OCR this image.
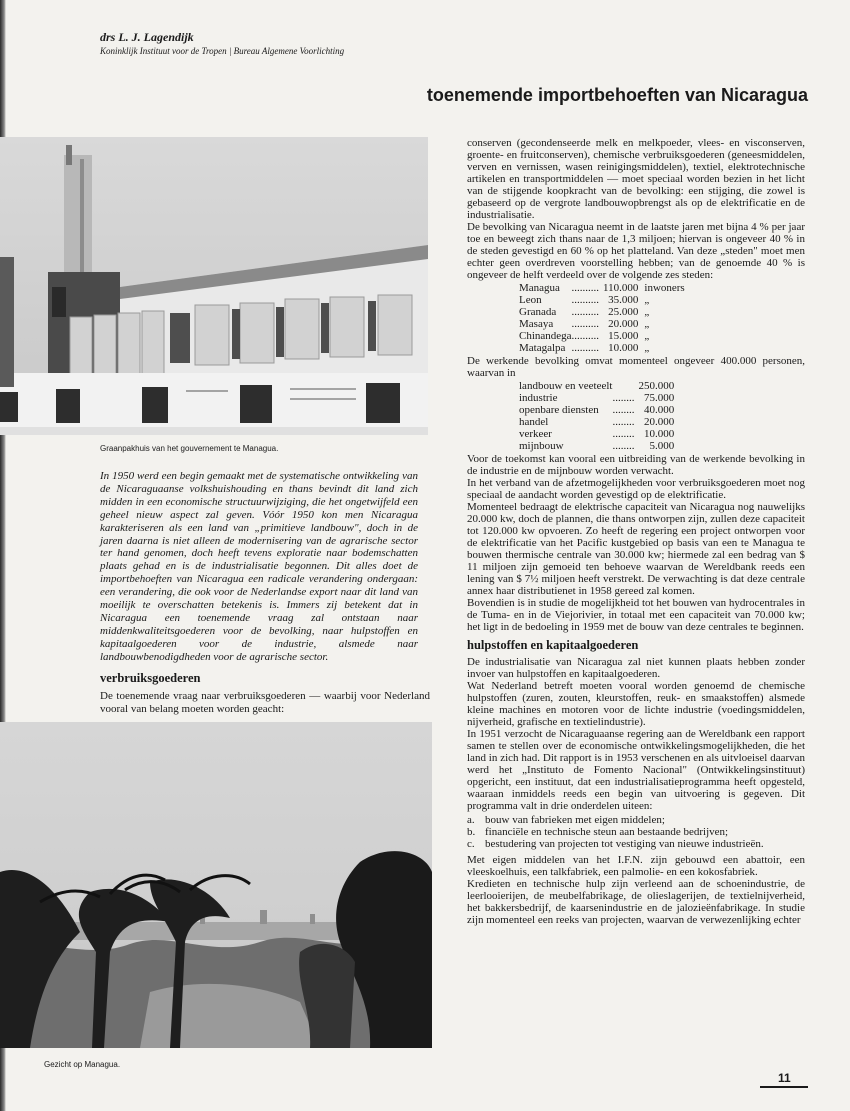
drs L. J. Lagendijk
Koninklijk Instituut voor de Tropen | Bureau Algemene Voorlichting
toenemende importbehoeften van Nicaragua
Graanpakhuis van het gouvernement te Managua.

In 1950 werd een begin gemaakt met de systematische ontwikkeling van de Nicaraguaanse volkshuishouding en thans bevindt dit land zich midden in een economische structuurwijziging, die het ongetwijfeld een geheel nieuw aspect zal geven. Vóór 1950 kon men Nicaragua karakteriseren als een land van „primitieve landbouw", doch in de jaren daarna is niet alleen de modernisering van de agrarische sector ter hand genomen, doch heeft tevens exploratie naar bodemschatten plaats gehad en is de industrialisatie begonnen. Dit alles doet de importbehoeften van Nicaragua een radicale verandering ondergaan: een verandering, die ook voor de Nederlandse export naar dit land van moeilijk te overschatten betekenis is. Immers zij betekent dat in Nicaragua een toenemende vraag zal ontstaan naar middenkwaliteitsgoederen voor de bevolking, naar hulpstoffen en kapitaalgoederen voor de industrie, alsmede naar landbouwbenodigdheden voor de agrarische sector.

verbruiksgoederen

De toenemende vraag naar verbruiksgoederen — waarbij voor Nederland vooral van belang moeten worden geacht:

Gezicht op Managua.

conserven (gecondenseerde melk en melkpoeder, vlees- en visconserven, groente- en fruitconserven), chemische verbruiksgoederen (geneesmiddelen, verven en vernissen, wasen reinigingsmiddelen), textiel, elektrotechnische artikelen en transportmiddelen — moet speciaal worden bezien in het licht van de stijgende koopkracht van de bevolking: een stijging, die zowel is gebaseerd op de vergrote landbouwopbrengst als op de elektrificatie en de industrialisatie.

De bevolking van Nicaragua neemt in de laatste jaren met bijna 4 % per jaar toe en beweegt zich thans naar de 1,3 miljoen; hiervan is ongeveer 40 % in de steden gevestigd en 60 % op het platteland. Van deze „steden" moet men echter geen overdreven voorstelling hebben; van de genoemde 40 % is ongeveer de helft verdeeld over de volgende zes steden:

Managua	..........	110.000	inwoners
Leon	..........	35.000	„
Granada	..........	25.000	„
Masaya	..........	20.000	„
Chinandega	..........	15.000	„
Matagalpa	..........	10.000	„

De werkende bevolking omvat momenteel ongeveer 400.000 personen, waarvan in

landbouw en veeteelt		250.000
industrie	........	75.000
openbare diensten	........	40.000
handel	........	20.000
verkeer	........	10.000
mijnbouw	........	5.000

Voor de toekomst kan vooral een uitbreiding van de werkende bevolking in de industrie en de mijnbouw worden verwacht.

In het verband van de afzetmogelijkheden voor verbruiksgoederen moet nog speciaal de aandacht worden gevestigd op de elektrificatie.

Momenteel bedraagt de elektrische capaciteit van Nicaragua nog nauwelijks 20.000 kw, doch de plannen, die thans ontworpen zijn, zullen deze capaciteit tot 120.000 kw opvoeren. Zo heeft de regering een project ontworpen voor de elektrificatie van het Pacific kustgebied op basis van een te Managua te bouwen thermische centrale van 30.000 kw; hiermede zal een bedrag van $ 11 miljoen zijn gemoeid ten behoeve waarvan de Wereldbank reeds een lening van $ 7½ miljoen heeft verstrekt. De verwachting is dat deze centrale annex haar distributienet in 1958 gereed zal komen.

Bovendien is in studie de mogelijkheid tot het bouwen van hydrocentrales in de Tuma- en in de Viejorivier, in totaal met een capaciteit van 70.000 kw; het ligt in de bedoeling in 1959 met de bouw van deze centrales te beginnen.

hulpstoffen en kapitaalgoederen

De industrialisatie van Nicaragua zal niet kunnen plaats hebben zonder invoer van hulpstoffen en kapitaalgoederen.

Wat Nederland betreft moeten vooral worden genoemd de chemische hulpstoffen (zuren, zouten, kleurstoffen, reuk- en smaakstoffen) alsmede kleine machines en motoren voor de lichte industrie (voedingsmiddelen, nijverheid, grafische en textielindustrie).

In 1951 verzocht de Nicaraguaanse regering aan de Wereldbank een rapport samen te stellen over de economische ontwikkelingsmogelijkheden, die het land in zich had. Dit rapport is in 1953 verschenen en als uitvloeisel daarvan werd het „Instituto de Fomento Nacional" (Ontwikkelingsinstituut) opgericht, een instituut, dat een industrialisatieprogramma heeft opgesteld, waaraan inmiddels reeds een begin van uitvoering is gegeven. Dit programma valt in drie onderdelen uiteen:

a. bouw van fabrieken met eigen middelen;
b. financiële en technische steun aan bestaande bedrijven;
c. bestudering van projecten tot vestiging van nieuwe industrieën.

Met eigen middelen van het I.F.N. zijn gebouwd een abattoir, een vleeskoelhuis, een talkfabriek, een palmolie- en een kokosfabriek.

Kredieten en technische hulp zijn verleend aan de schoenindustrie, de leerlooierijen, de meubelfabrikage, de olieslagerijen, de textielnijverheid, het bakkersbedrijf, de kaarsenindustrie en de jalozieënfabrikage. In studie zijn momenteel een reeks van projecten, waarvan de verwezenlijking echter

11
